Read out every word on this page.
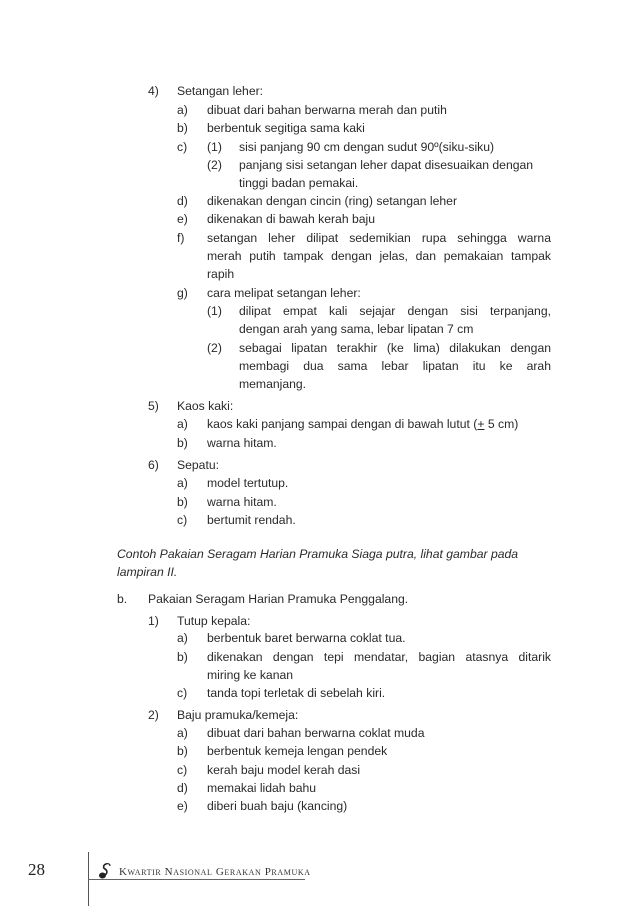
4) Setangan leher:
a) dibuat dari bahan berwarna merah dan putih
b) berbentuk segitiga sama kaki
c) (1) sisi panjang 90 cm dengan sudut 90º(siku-siku)
(2) panjang sisi setangan leher dapat disesuaikan dengan
tinggi badan pemakai.
d) dikenakan dengan cincin (ring) setangan leher
e) dikenakan di bawah kerah baju
f) setangan leher dilipat sedemikian rupa sehingga warna
merah putih tampak dengan jelas, dan pemakaian tampak
rapih
g) cara melipat setangan leher:
(1) dilipat empat kali sejajar dengan sisi terpanjang,
dengan arah yang sama, lebar lipatan 7 cm
(2) sebagai lipatan terakhir (ke lima) dilakukan dengan
membagi dua sama lebar lipatan itu ke arah
memanjang.
5) Kaos kaki:
a) kaos kaki panjang sampai dengan di bawah lutut (+ 5 cm)
b) warna hitam.
6) Sepatu:
a) model tertutup.
b) warna hitam.
c) bertumit rendah.
Contoh Pakaian Seragam Harian Pramuka Siaga putra, lihat gambar pada
lampiran II.
b. Pakaian Seragam Harian Pramuka Penggalang.
1) Tutup kepala:
a) berbentuk baret berwarna coklat tua.
b) dikenakan dengan tepi mendatar, bagian atasnya ditarik
miring ke kanan
c) tanda topi terletak di sebelah kiri.
2) Baju pramuka/kemeja:
a) dibuat dari bahan berwarna coklat muda
b) berbentuk kemeja lengan pendek
c) kerah baju model kerah dasi
d) memakai lidah bahu
e) diberi buah baju (kancing)
28	Kwartir Nasional Gerakan Pramuka
